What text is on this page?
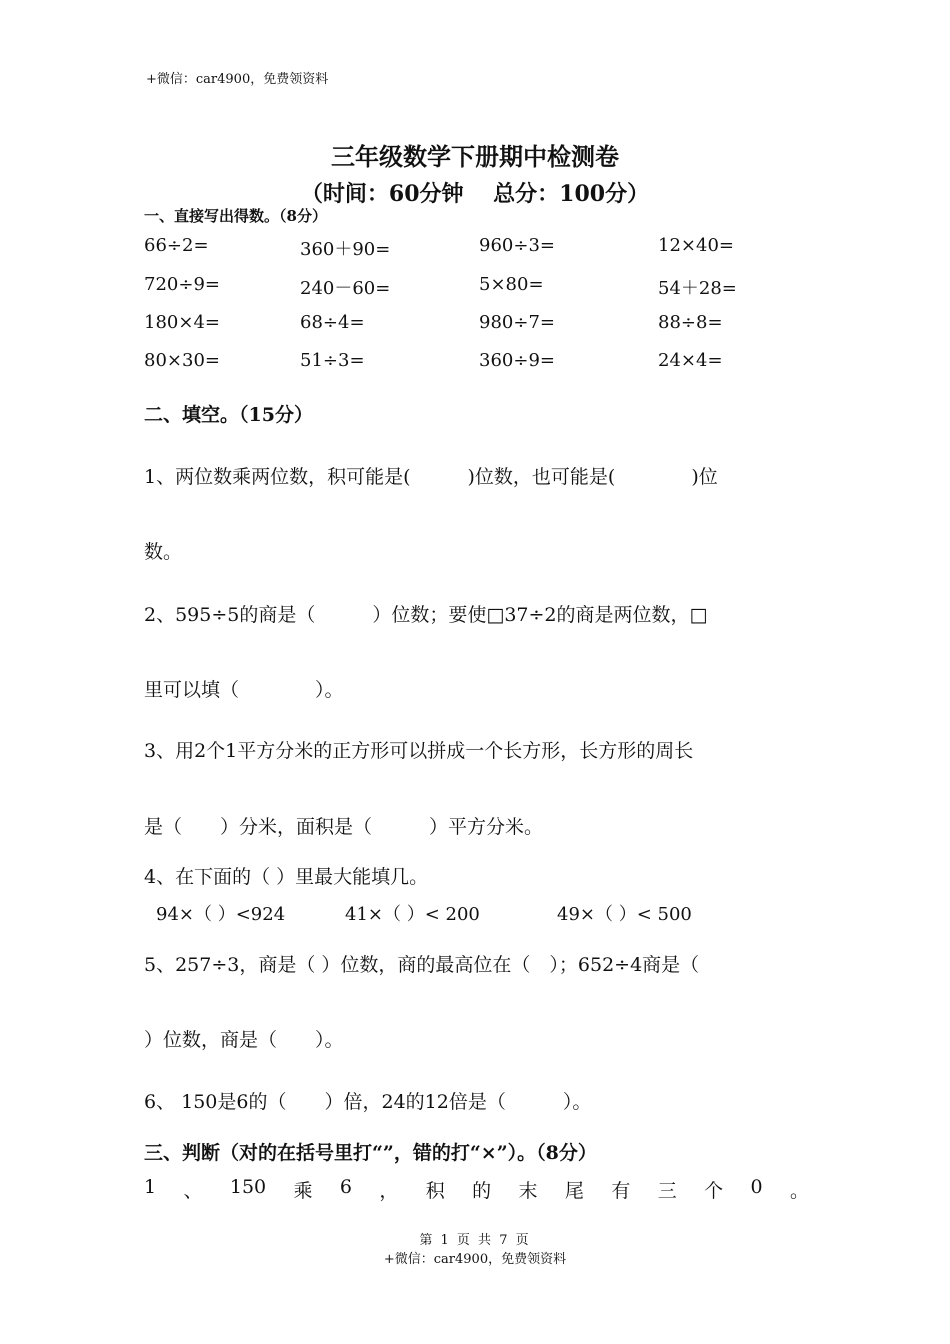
+微信：car4900，免费领资料
三年级数学下册期中检测卷
（时间：60分钟　 总分：100分）
一、直接写出得数。（8分）
66÷2=	360＋90=	960÷3=	12×40=
720÷9=	240－60=	5×80=	54＋28=
180×4=	68÷4=	980÷7=	88÷8=
80×30=	51÷3=	360÷9=	24×4=
二、填空。（15分）
1、两位数乘两位数，积可能是(　　　)位数，也可能是(　　　　)位
数。
2、595÷5的商是（　　　）位数；要使□37÷2的商是两位数，□
里可以填（　　　　）。
3、用2个1平方分米的正方形可以拼成一个长方形，长方形的周长
是（　　）分米，面积是（　　　）平方分米。
4、在下面的（ ）里最大能填几。
94×（ ）<924	41×（ ）< 200	49×（ ）< 500
5、257÷3，商是（ ）位数，商的最高位在（　）；652÷4商是（
）位数，商是（　　）。
6、 150是6的（　　）倍，24的12倍是（　　　）。
三、判断（对的在括号里打“”，错的打“×”）。（8分）
1 、 150 乘 6 ， 积 的 末 尾 有 三 个 0 。
第 1 页 共 7 页
+微信：car4900，免费领资料
